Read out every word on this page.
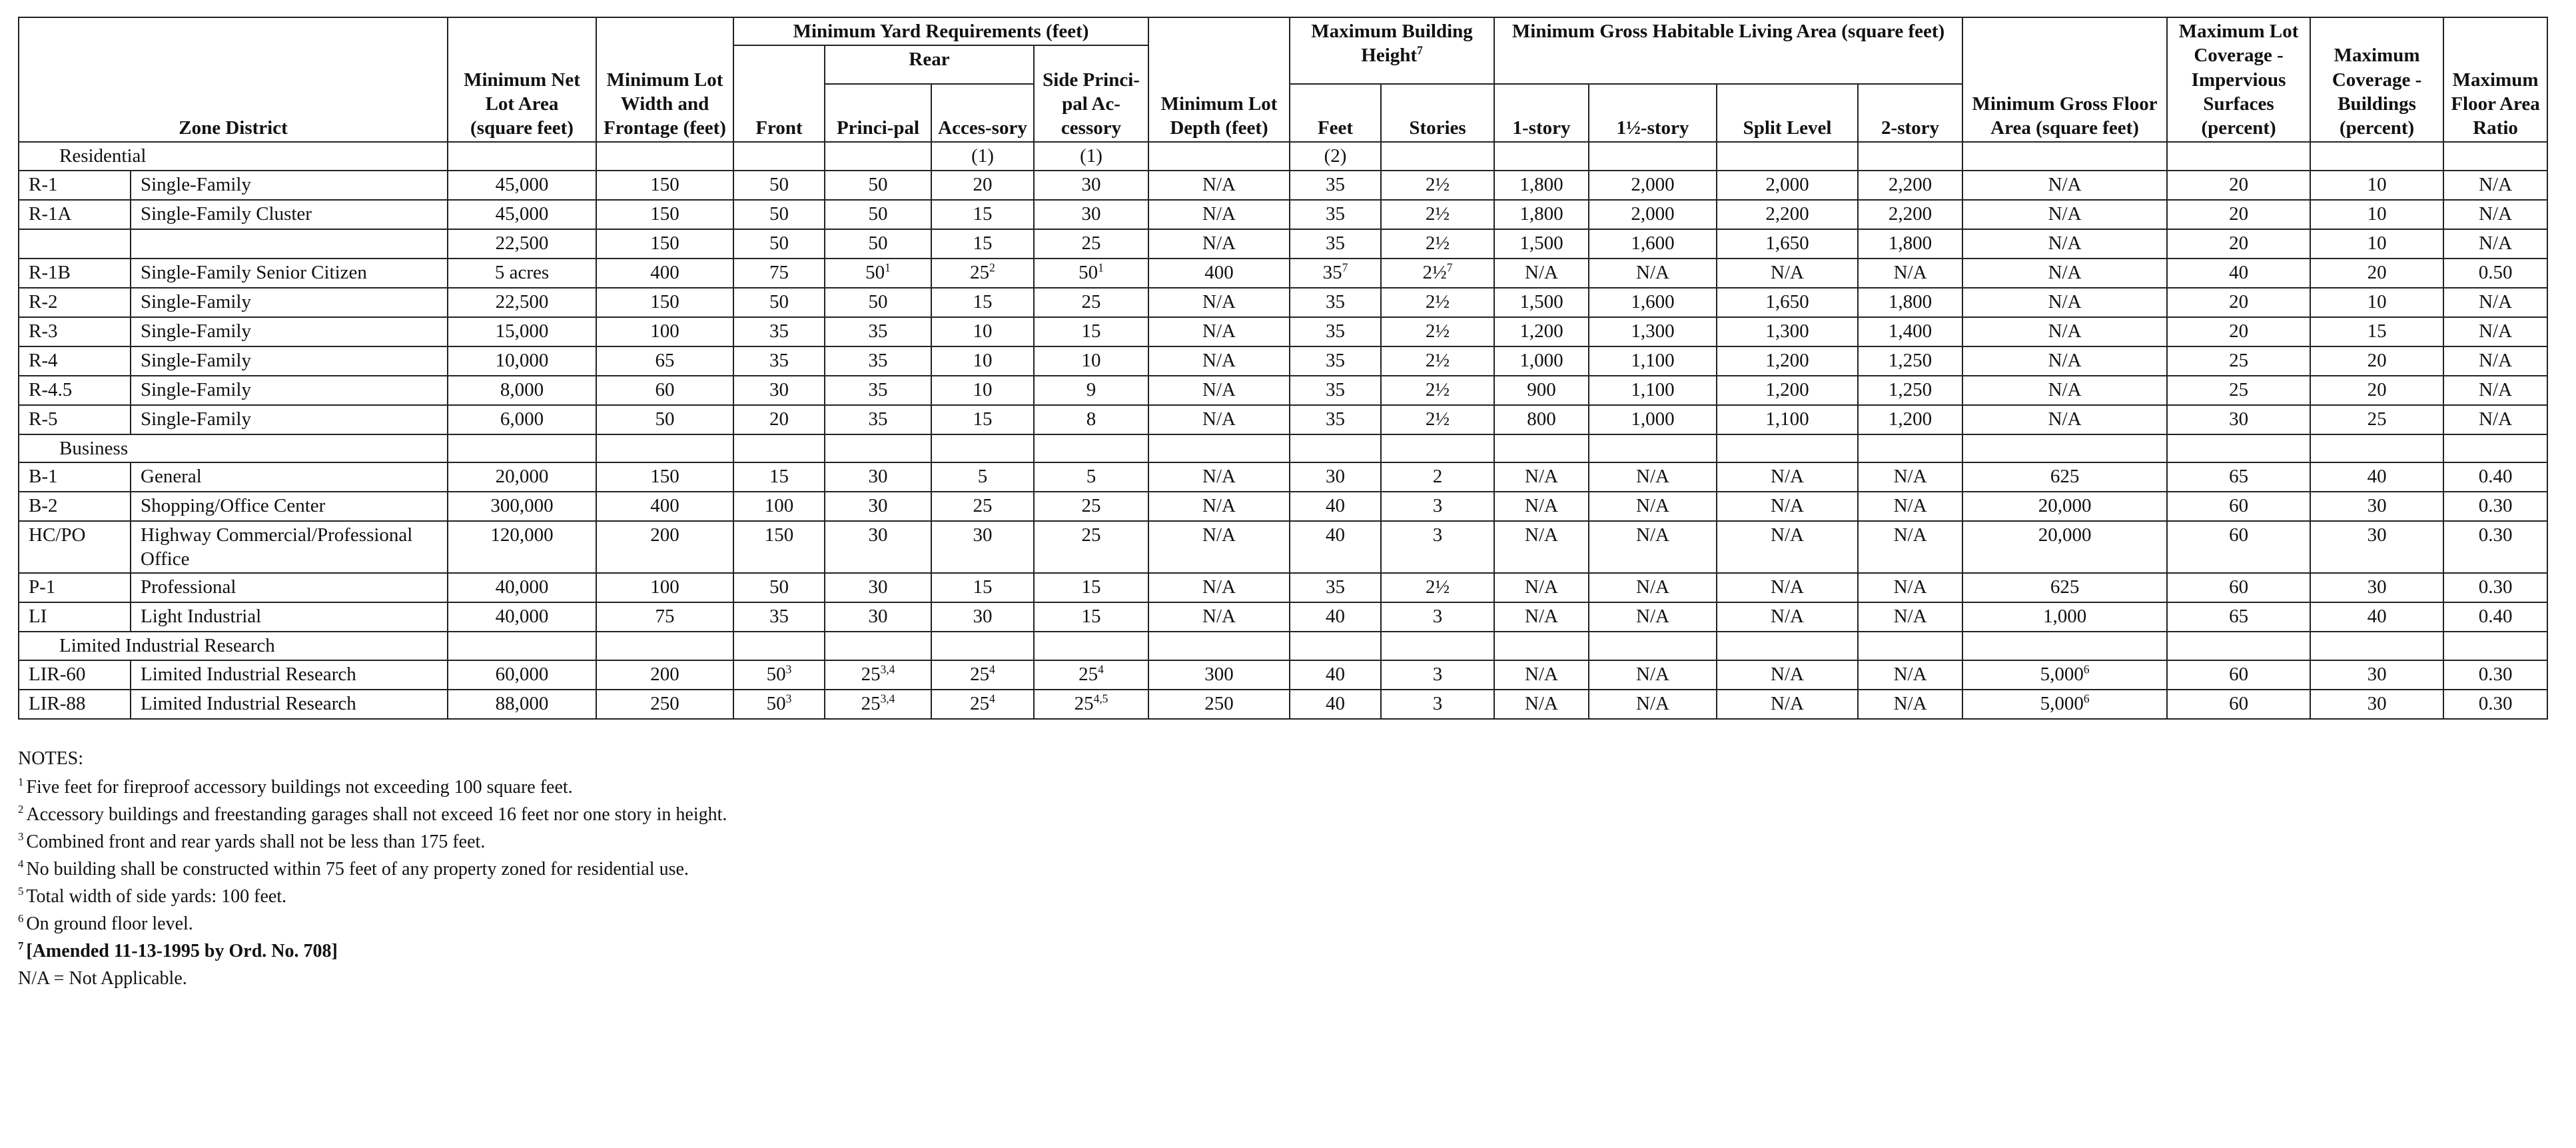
Zone District		Minimum Net Lot Area (square feet)	Minimum Lot Width and Frontage (feet)	Minimum Yard Requirements (feet)				Minimum Lot Depth (feet)	Maximum Building Height$^7$		Minimum Gross Habitable Living Area (square feet)				Minimum Gross Floor Area (square feet)	Maximum Lot Coverage - Impervious Surfaces (percent)	Maximum Coverage - Buildings (percent)	Maximum Floor Area Ratio
				Front	Rear		Side Princi-pal Ac-cessory											
					Princi-pal	Acces-sory			Feet	Stories	1-story	1½-story	Split Level	2-story				

Residential						(1)	(1)		(2)									
R-1	Single-Family	45,000	150	50	50	20	30	N/A	35	2½	1,800	2,000	2,000	2,200	N/A	20	10	N/A
R-1A	Single-Family Cluster	45,000	150	50	50	15	30	N/A	35	2½	1,800	2,000	2,200	2,200	N/A	20	10	N/A
		22,500	150	50	50	15	25	N/A	35	2½	1,500	1,600	1,650	1,800	N/A	20	10	N/A
R-1B	Single-Family Senior Citizen	5 acres	400	75	$50^1$	$25^2$	$50^1$	400	$35^7$	2½$^7$	N/A	N/A	N/A	N/A	N/A	40	20	0.50
R-2	Single-Family	22,500	150	50	50	15	25	N/A	35	2½	1,500	1,600	1,650	1,800	N/A	20	10	N/A
R-3	Single-Family	15,000	100	35	35	10	15	N/A	35	2½	1,200	1,300	1,300	1,400	N/A	20	15	N/A
R-4	Single-Family	10,000	65	35	35	10	10	N/A	35	2½	1,000	1,100	1,200	1,250	N/A	25	20	N/A
R-4.5	Single-Family	8,000	60	30	35	10	9	N/A	35	2½	900	1,100	1,200	1,250	N/A	25	20	N/A
R-5	Single-Family	6,000	50	20	35	15	8	N/A	35	2½	800	1,000	1,100	1,200	N/A	30	25	N/A
Business																		
B-1	General	20,000	150	15	30	5	5	N/A	30	2	N/A	N/A	N/A	N/A	625	65	40	0.40
B-2	Shopping/Office Center	300,000	400	100	30	25	25	N/A	40	3	N/A	N/A	N/A	N/A	20,000	60	30	0.30
HC/PO	Highway Commercial/Professional Office	120,000	200	150	30	30	25	N/A	40	3	N/A	N/A	N/A	N/A	20,000	60	30	0.30
P-1	Professional	40,000	100	50	30	15	15	N/A	35	2½	N/A	N/A	N/A	N/A	625	60	30	0.30
LI	Light Industrial	40,000	75	35	30	30	15	N/A	40	3	N/A	N/A	N/A	N/A	1,000	65	40	0.40
Limited Industrial Research																		
LIR-60	Limited Industrial Research	60,000	200	$50^3$	25$^{3,4}$	$25^4$	$25^4$	300	40	3	N/A	N/A	N/A	N/A	5,000$^6$	60	30	0.30
LIR-88	Limited Industrial Research	88,000	250	$50^3$	25$^{3,4}$	$25^4$	25$^{4,5}$	250	40	3	N/A	N/A	N/A	N/A	5,000$^6$	60	30	0.30
NOTES:
$^1$ Five feet for fireproof accessory buildings not exceeding 100 square feet.
$^2$ Accessory buildings and freestanding garages shall not exceed 16 feet nor one story in height.
$^3$ Combined front and rear yards shall not be less than 175 feet.
$^4$ No building shall be constructed within 75 feet of any property zoned for residential use.
$^5$ Total width of side yards: 100 feet.
$^6$ On ground floor level.
$^7$ [Amended 11-13-1995 by Ord. No. 708]
N/A = Not Applicable.
